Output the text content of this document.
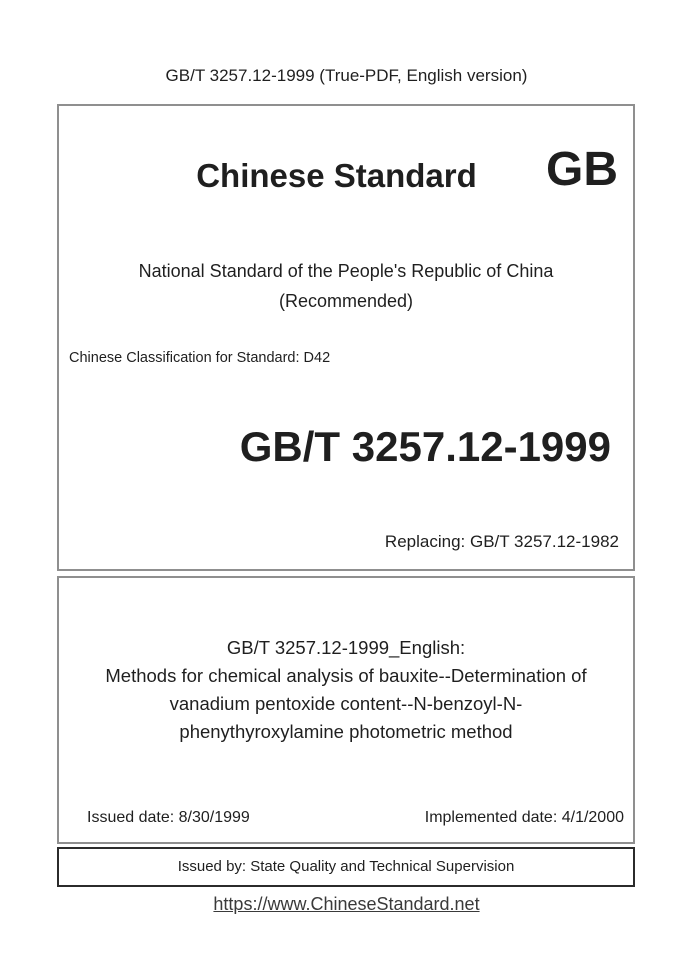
GB/T 3257.12-1999 (True-PDF, English version)
Chinese Standard	GB
National Standard of the People's Republic of China
(Recommended)
Chinese Classification for Standard: D42
GB/T 3257.12-1999
Replacing: GB/T 3257.12-1982
GB/T 3257.12-1999_English:
Methods for chemical analysis of bauxite--Determination of
vanadium pentoxide content--N-benzoyl-N-
phenythyroxylamine photometric method
Issued date: 8/30/1999	Implemented date: 4/1/2000
Issued by: State Quality and Technical Supervision
https://www.ChineseStandard.net
